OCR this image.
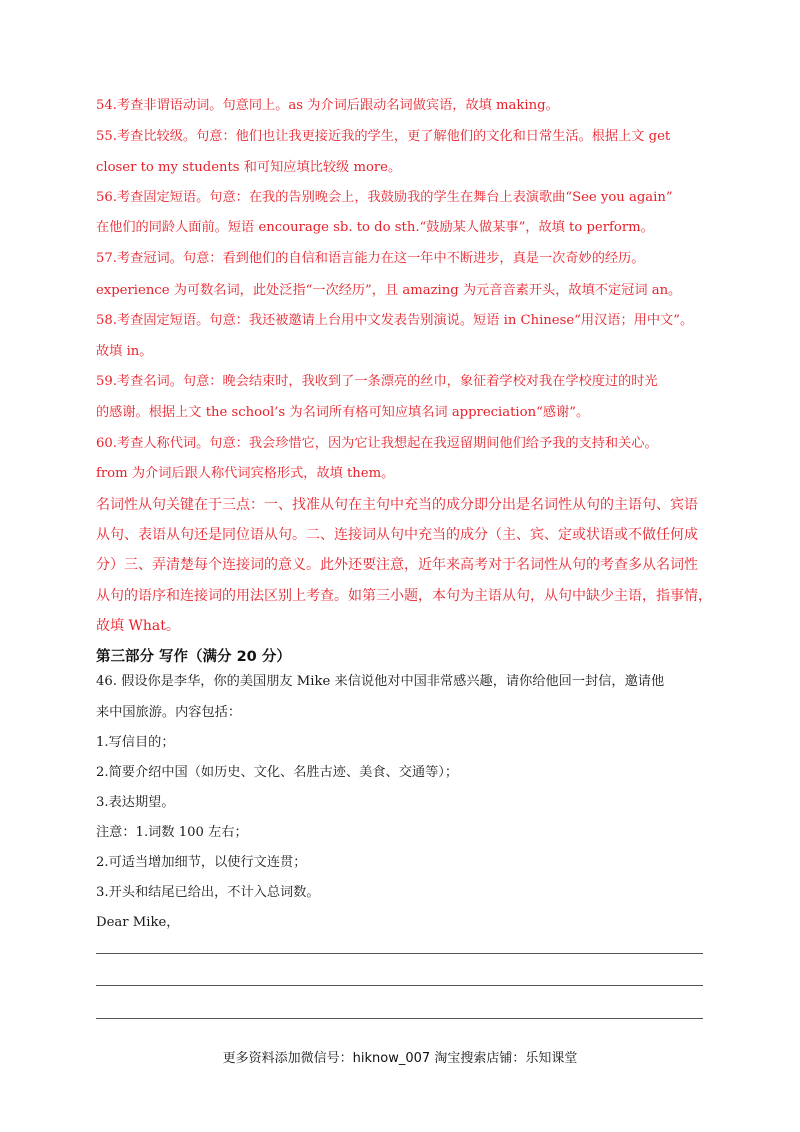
54.考查非谓语动词。句意同上。as 为介词后跟动名词做宾语，故填 making。
55.考查比较级。句意：他们也让我更接近我的学生，更了解他们的文化和日常生活。根据上文 get
closer to my students 和可知应填比较级 more。
56.考查固定短语。句意：在我的告别晚会上，我鼓励我的学生在舞台上表演歌曲“See you again”
在他们的同龄人面前。短语 encourage sb. to do sth.“鼓励某人做某事”，故填 to perform。
57.考查冠词。句意：看到他们的自信和语言能力在这一年中不断进步，真是一次奇妙的经历。
experience 为可数名词，此处泛指“一次经历”，且 amazing 为元音音素开头，故填不定冠词 an。
58.考查固定短语。句意：我还被邀请上台用中文发表告别演说。短语 in Chinese“用汉语；用中文”。
故填 in。
59.考查名词。句意：晚会结束时，我收到了一条漂亮的丝巾，象征着学校对我在学校度过的时光
的感谢。根据上文 the school’s 为名词所有格可知应填名词 appreciation“感谢”。
60.考查人称代词。句意：我会珍惜它，因为它让我想起在我逗留期间他们给予我的支持和关心。
from 为介词后跟人称代词宾格形式，故填 them。
名词性从句关键在于三点：一、找准从句在主句中充当的成分即分出是名词性从句的主语句、宾语
从句、表语从句还是同位语从句。二、连接词从句中充当的成分（主、宾、定或状语或不做任何成
分）三、弄清楚每个连接词的意义。此外还要注意，近年来高考对于名词性从句的考查多从名词性
从句的语序和连接词的用法区别上考查。如第三小题，本句为主语从句，从句中缺少主语，指事情，
故填 What。
第三部分 写作（满分 20 分）
46. 假设你是李华，你的美国朋友 Mike 来信说他对中国非常感兴趣，请你给他回一封信，邀请他
来中国旅游。内容包括：
1.写信目的；
2.简要介绍中国（如历史、文化、名胜古迹、美食、交通等）；
3.表达期望。
注意：1.词数 100 左右；
2.可适当增加细节，以使行文连贯；
3.开头和结尾已给出，不计入总词数。
Dear Mike，
更多资料添加微信号：hiknow_007 淘宝搜索店铺：乐知课堂
